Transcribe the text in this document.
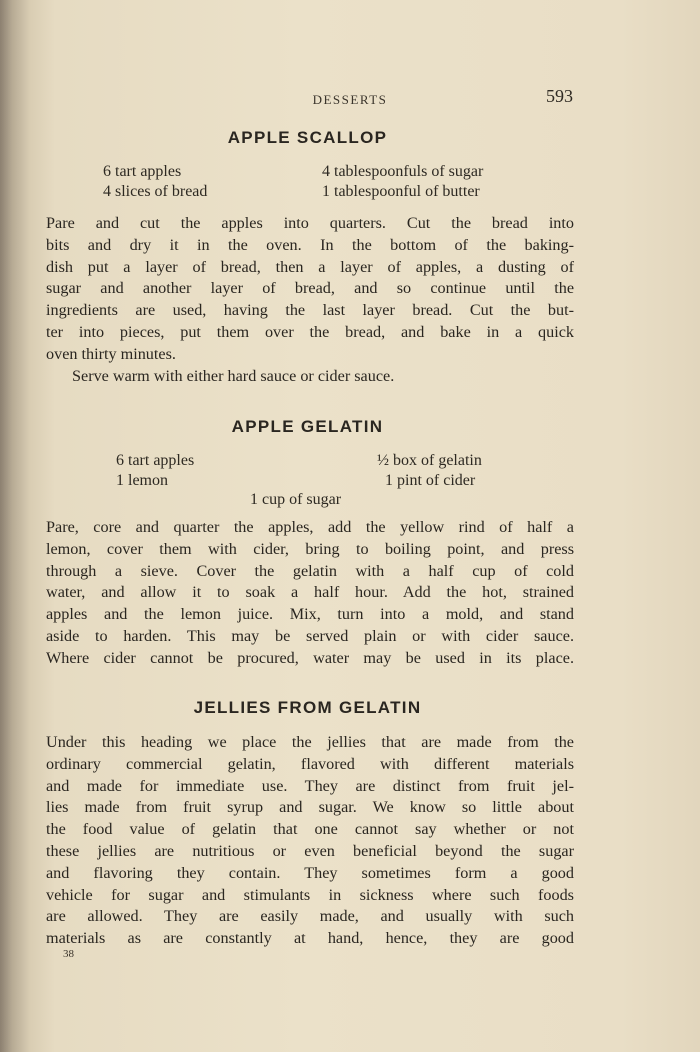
DESSERTS	593
APPLE SCALLOP
6 tart apples
4 slices of bread
4 tablespoonfuls of sugar
1 tablespoonful of butter
Pare and cut the apples into quarters. Cut the bread into
bits and dry it in the oven. In the bottom of the baking-
dish put a layer of bread, then a layer of apples, a dusting of
sugar and another layer of bread, and so continue until the
ingredients are used, having the last layer bread. Cut the but-
ter into pieces, put them over the bread, and bake in a quick
oven thirty minutes.
Serve warm with either hard sauce or cider sauce.
APPLE GELATIN
6 tart apples
1 lemon
½ box of gelatin
1 pint of cider
1 cup of sugar
Pare, core and quarter the apples, add the yellow rind of half a
lemon, cover them with cider, bring to boiling point, and press
through a sieve. Cover the gelatin with a half cup of cold
water, and allow it to soak a half hour. Add the hot, strained
apples and the lemon juice. Mix, turn into a mold, and stand
aside to harden. This may be served plain or with cider sauce.
Where cider cannot be procured, water may be used in its place.
JELLIES FROM GELATIN
Under this heading we place the jellies that are made from the
ordinary commercial gelatin, flavored with different materials
and made for immediate use. They are distinct from fruit jel-
lies made from fruit syrup and sugar. We know so little about
the food value of gelatin that one cannot say whether or not
these jellies are nutritious or even beneficial beyond the sugar
and flavoring they contain. They sometimes form a good
vehicle for sugar and stimulants in sickness where such foods
are allowed. They are easily made, and usually with such
materials as are constantly at hand, hence, they are good
38
